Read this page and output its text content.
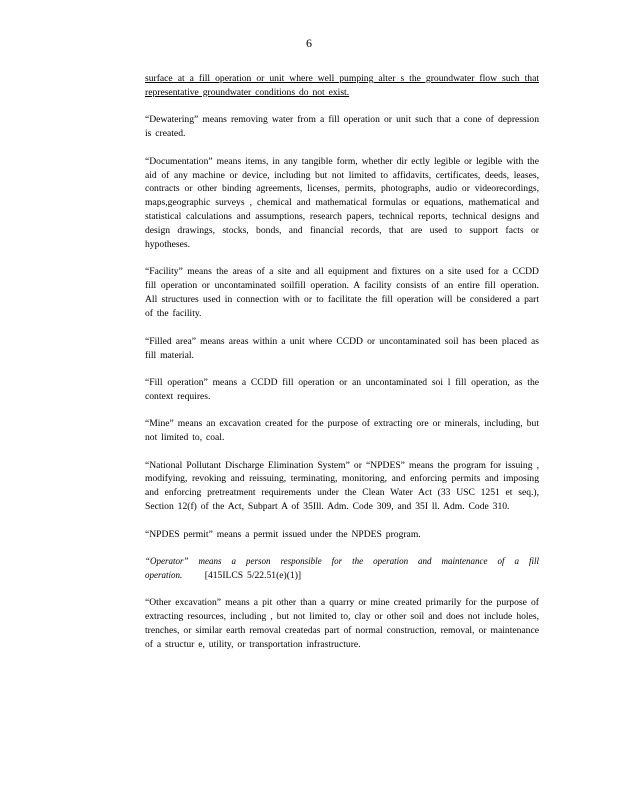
6

surface at a fill operation or unit where well pumping alter s the groundwater flow such that representative groundwater conditions do not exist.

“Dewatering” means removing water from a fill operation or unit such that a cone of depression is created.

“Documentation” means items, in any tangible form, whether dir ectly legible or legible with the aid of any machine or device, including but not limited to affidavits, certificates, deeds, leases, contracts or other binding agreements, licenses, permits, photographs, audio or videorecordings, maps,geographic surveys , chemical and mathematical formulas or equations, mathematical and statistical calculations and assumptions, research papers, technical reports, technical designs and design drawings, stocks, bonds, and financial records, that are used to support facts or hypotheses.

“Facility” means the areas of a site and all equipment and fixtures on a site used for a CCDD fill operation or uncontaminated soilfill operation. A facility consists of an entire fill operation. All structures used in connection with or to facilitate the fill operation will be considered a part of the facility.

“Filled area” means areas within a unit where CCDD or uncontaminated soil has been placed as fill material.

“Fill operation” means a CCDD fill operation or an uncontaminated soi l fill operation, as the context requires.

“Mine” means an excavation created for the purpose of extracting ore or minerals, including, but not limited to, coal.

“National Pollutant Discharge Elimination System” or “NPDES” means the program for issuing , modifying, revoking and reissuing, terminating, monitoring, and enforcing permits and imposing and enforcing pretreatment requirements under the Clean Water Act (33 USC 1251 et seq.), Section 12(f) of the Act, Subpart A of 35Ill. Adm. Code 309, and 35I ll. Adm. Code 310.

“NPDES permit” means a permit issued under the NPDES program.

“Operator” means a person responsible for the operation and maintenance of a fill operation. [415ILCS 5/22.51(e)(1)]

“Other excavation” means a pit other than a quarry or mine created primarily for the purpose of extracting resources, including , but not limited to, clay or other soil and does not include holes, trenches, or similar earth removal createdas part of normal construction, removal, or maintenance of a structur e, utility, or transportation infrastructure.
